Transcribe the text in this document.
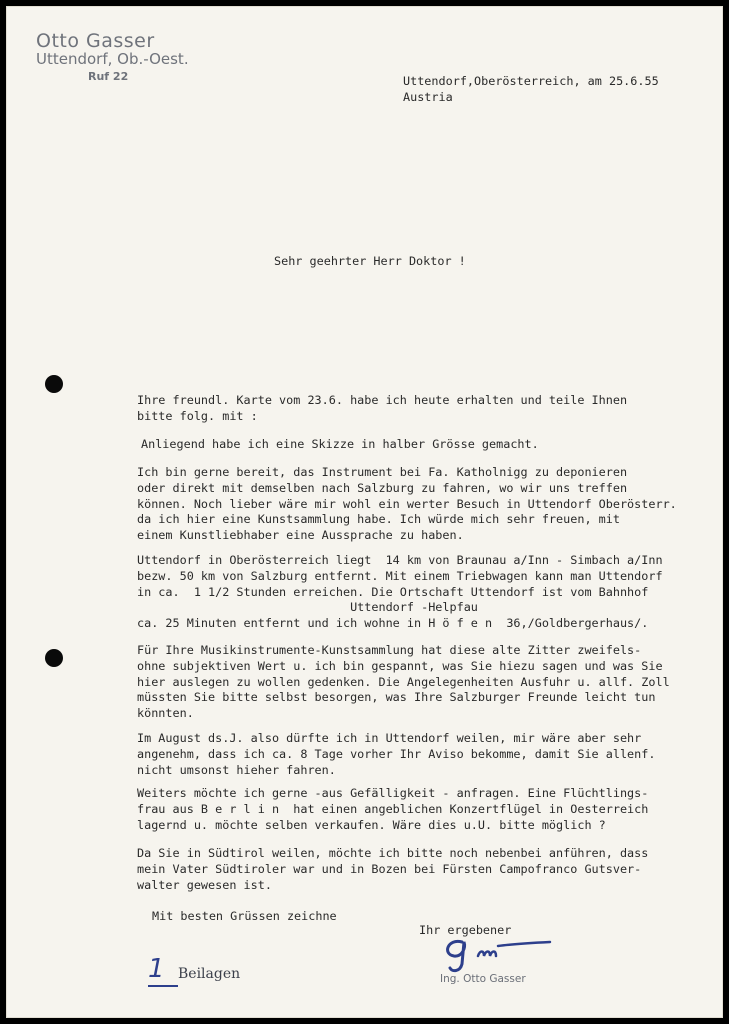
Otto Gasser
Uttendorf, Ob.-Oest.
Ruf 22	Uttendorf,Oberösterreich, am 25.6.55
Austria
Sehr geehrter Herr Doktor !
Ihre freundl. Karte vom 23.6. habe ich heute erhalten und teile Ihnen
bitte folg. mit :
Anliegend habe ich eine Skizze in halber Grösse gemacht.
Ich bin gerne bereit, das Instrument bei Fa. Katholnigg zu deponieren
oder direkt mit demselben nach Salzburg zu fahren, wo wir uns treffen
können. Noch lieber wäre mir wohl ein werter Besuch in Uttendorf Oberösterr.
da ich hier eine Kunstsammlung habe. Ich würde mich sehr freuen, mit
einem Kunstliebhaber eine Aussprache zu haben.
Uttendorf in Oberösterreich liegt  14 km von Braunau a/Inn - Simbach a/Inn
bezw. 50 km von Salzburg entfernt. Mit einem Triebwagen kann man Uttendorf
in ca.  1 1/2 Stunden erreichen. Die Ortschaft Uttendorf ist vom Bahnhof
Uttendorf -Helpfau
ca. 25 Minuten entfernt und ich wohne in H ö f e n  36,/Goldbergerhaus/.
Für Ihre Musikinstrumente-Kunstsammlung hat diese alte Zitter zweifels-
ohne subjektiven Wert u. ich bin gespannt, was Sie hiezu sagen und was Sie
hier auslegen zu wollen gedenken. Die Angelegenheiten Ausfuhr u. allf. Zoll
müssten Sie bitte selbst besorgen, was Ihre Salzburger Freunde leicht tun
könnten.
Im August ds.J. also dürfte ich in Uttendorf weilen, mir wäre aber sehr
angenehm, dass ich ca. 8 Tage vorher Ihr Aviso bekomme, damit Sie allenf.
nicht umsonst hieher fahren.
Weiters möchte ich gerne -aus Gefälligkeit - anfragen. Eine Flüchtlings-
frau aus B e r l i n  hat einen angeblichen Konzertflügel in Oesterreich
lagernd u. möchte selben verkaufen. Wäre dies u.U. bitte möglich ?
Da Sie in Südtirol weilen, möchte ich bitte noch nebenbei anführen, dass
mein Vater Südtiroler war und in Bozen bei Fürsten Campofranco Gutsver-
walter gewesen ist.
Mit besten Grüssen zeichne
Ihr ergebener
1 Beilagen	Ing. Otto Gasser
